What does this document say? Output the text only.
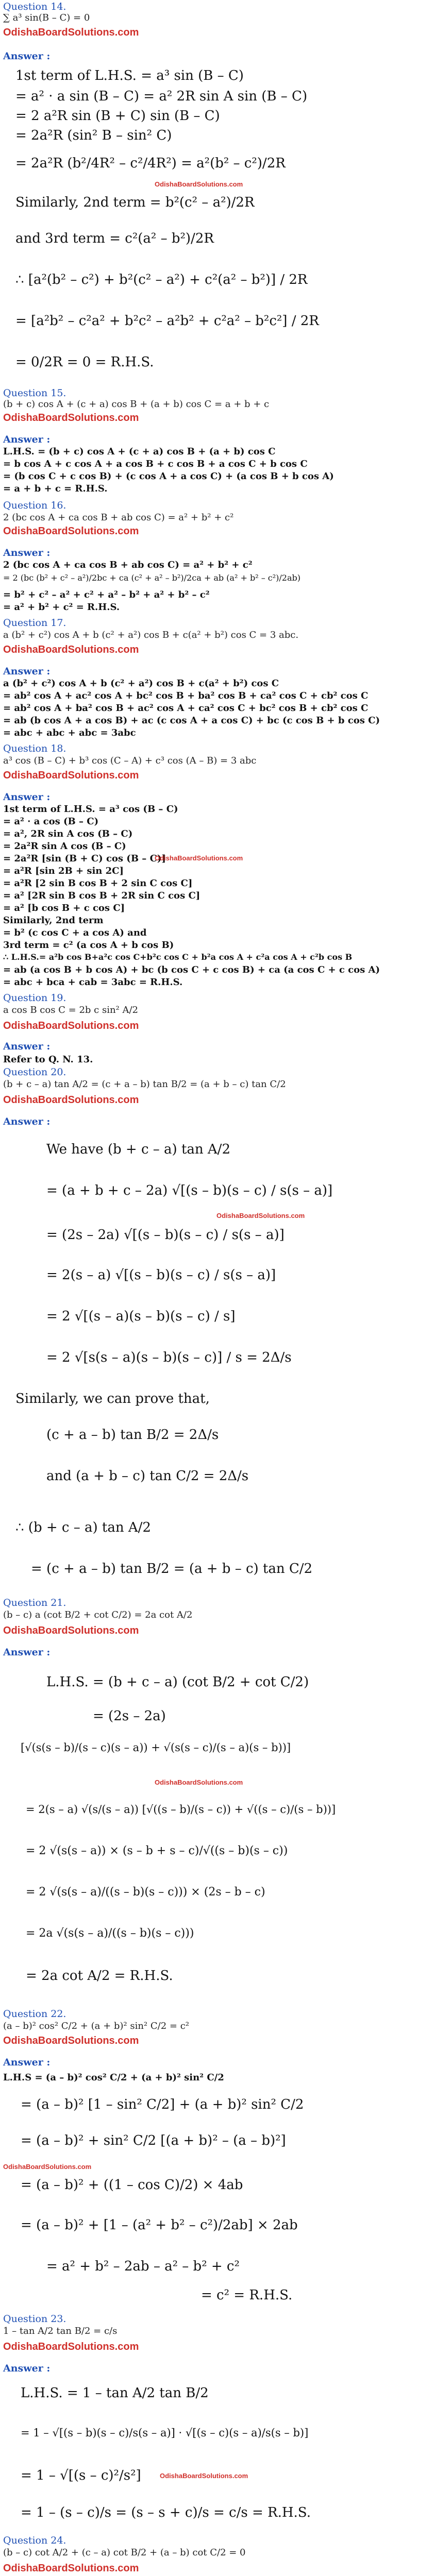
Question 14.
∑ a³ sin(B – C) = 0
OdishaBoardSolutions.com
Answer :
1st term of L.H.S. = a³ sin (B – C)
= a² · a sin (B – C) = a² 2R sin A sin (B – C)
= 2 a²R sin (B + C) sin (B – C)
= 2a²R (sin² B – sin² C)
= 2a²R (b²/4R² – c²/4R²) = a²(b² – c²)/2R
OdishaBoardSolutions.com
Similarly, 2nd term = b²(c² – a²)/2R
and 3rd term = c²(a² – b²)/2R
∴ [a²(b² – c²) + b²(c² – a²) + c²(a² – b²)] / 2R
= [a²b² – c²a² + b²c² – a²b² + c²a² – b²c²] / 2R
= 0/2R = 0 = R.H.S.
Question 15.
(b + c) cos A + (c + a) cos B + (a + b) cos C = a + b + c
OdishaBoardSolutions.com
Answer :
L.H.S. = (b + c) cos A + (c + a) cos B + (a + b) cos C
= b cos A + c cos A + a cos B + c cos B + a cos C + b cos C
= (b cos C + c cos B) + (c cos A + a cos C) + (a cos B + b cos A)
= a + b + c = R.H.S.
Question 16.
2 (bc cos A + ca cos B + ab cos C) = a² + b² + c²
OdishaBoardSolutions.com
Answer :
2 (bc cos A + ca cos B + ab cos C) = a² + b² + c²
= 2 (bc (b² + c² – a²)/2bc + ca (c² + a² – b²)/2ca + ab (a² + b² – c²)/2ab)
= b² + c² – a² + c² + a² – b² + a² + b² – c²
= a² + b² + c² = R.H.S.
Question 17.
a (b² + c²) cos A + b (c² + a²) cos B + c(a² + b²) cos C = 3 abc.
OdishaBoardSolutions.com
Answer :
a (b² + c²) cos A + b (c² + a²) cos B + c(a² + b²) cos C
= ab² cos A + ac² cos A + bc² cos B + ba² cos B + ca² cos C + cb² cos C
= ab² cos A + ba² cos B + ac² cos A + ca² cos C + bc² cos B + cb² cos C
= ab (b cos A + a cos B) + ac (c cos A + a cos C) + bc (c cos B + b cos C)
= abc + abc + abc = 3abc
Question 18.
a³ cos (B – C) + b³ cos (C – A) + c³ cos (A – B) = 3 abc
OdishaBoardSolutions.com
Answer :
1st term of L.H.S. = a³ cos (B – C)
= a² · a cos (B – C)
= a², 2R sin A cos (B – C)
= 2a²R sin A cos (B – C)
= 2a²R [sin (B + C) cos (B – C)]
OdishaBoardSolutions.com
= a²R [sin 2B + sin 2C]
= a²R [2 sin B cos B + 2 sin C cos C]
= a² [2R sin B cos B + 2R sin C cos C]
= a² [b cos B + c cos C]
Similarly, 2nd term
= b² (c cos C + a cos A) and
3rd term = c² (a cos A + b cos B)
∴ L.H.S.= a²b cos B+a²c cos C+b²c cos C + b²a cos A + c²a cos A + c²b cos B
= ab (a cos B + b cos A) + bc (b cos C + c cos B) + ca (a cos C + c cos A)
= abc + bca + cab = 3abc = R.H.S.
Question 19.
a cos B cos C = 2b c sin² A/2
OdishaBoardSolutions.com
Answer :
Refer to Q. N. 13.
Question 20.
(b + c – a) tan A/2 = (c + a – b) tan B/2 = (a + b – c) tan C/2
OdishaBoardSolutions.com
Answer :
We have (b + c – a) tan A/2
= (a + b + c – 2a) √[(s – b)(s – c) / s(s – a)]
OdishaBoardSolutions.com
= (2s – 2a) √[(s – b)(s – c) / s(s – a)]
= 2(s – a) √[(s – b)(s – c) / s(s – a)]
= 2 √[(s – a)(s – b)(s – c) / s]
= 2 √[s(s – a)(s – b)(s – c)] / s = 2Δ/s
Similarly, we can prove that,
(c + a – b) tan B/2 = 2Δ/s
and (a + b – c) tan C/2 = 2Δ/s
∴ (b + c – a) tan A/2
= (c + a – b) tan B/2 = (a + b – c) tan C/2
Question 21.
(b – c) a (cot B/2 + cot C/2) = 2a cot A/2
OdishaBoardSolutions.com
Answer :
L.H.S. = (b + c – a) (cot B/2 + cot C/2)
= (2s – 2a)
[√(s(s – b)/(s – c)(s – a)) + √(s(s – c)/(s – a)(s – b))]
OdishaBoardSolutions.com
= 2(s – a) √(s/(s – a)) [√((s – b)/(s – c)) + √((s – c)/(s – b))]
= 2 √(s(s – a)) × (s – b + s – c)/√((s – b)(s – c))
= 2 √(s(s – a)/((s – b)(s – c))) × (2s – b – c)
= 2a √(s(s – a)/((s – b)(s – c)))
= 2a cot A/2 = R.H.S.
Question 22.
(a – b)² cos² C/2 + (a + b)² sin² C/2 = c²
OdishaBoardSolutions.com
Answer :
L.H.S = (a – b)² cos² C/2 + (a + b)² sin² C/2
= (a – b)² [1 – sin² C/2] + (a + b)² sin² C/2
= (a – b)² + sin² C/2 [(a + b)² – (a – b)²]
OdishaBoardSolutions.com
= (a – b)² + ((1 – cos C)/2) × 4ab
= (a – b)² + [1 – (a² + b² – c²)/2ab] × 2ab
= a² + b² – 2ab – a² – b² + c²
= c² = R.H.S.
Question 23.
1 – tan A/2 tan B/2 = c/s
OdishaBoardSolutions.com
Answer :
L.H.S. = 1 – tan A/2 tan B/2
= 1 – √[(s – b)(s – c)/s(s – a)] · √[(s – c)(s – a)/s(s – b)]
= 1 – √[(s – c)²/s²]	OdishaBoardSolutions.com
= 1 – (s – c)/s = (s – s + c)/s = c/s = R.H.S.
Question 24.
(b – c) cot A/2 + (c – a) cot B/2 + (a – b) cot C/2 = 0
OdishaBoardSolutions.com
